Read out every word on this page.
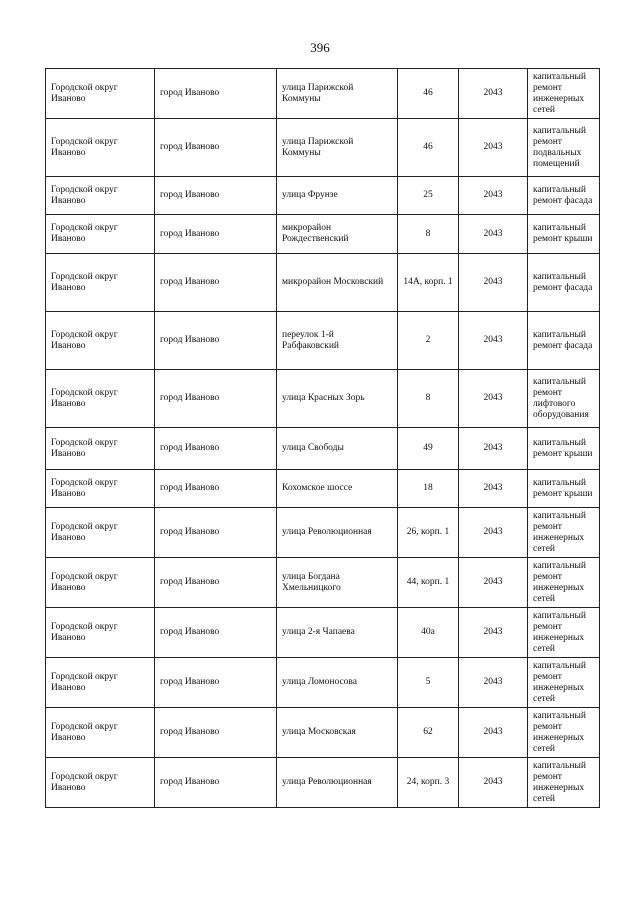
396
Городской округ Иваново	город Иваново	улица Парижской Коммуны	46	2043	капитальный ремонт инженерных сетей
Городской округ Иваново	город Иваново	улица Парижской Коммуны	46	2043	капитальный ремонт подвальных помещений
Городской округ Иваново	город Иваново	улица Фрунзе	25	2043	капитальный ремонт фасада
Городской округ Иваново	город Иваново	микрорайон Рождественский	8	2043	капитальный ремонт крыши
Городской округ Иваново	город Иваново	микрорайон Московский	14А, корп. 1	2043	капитальный ремонт фасада
Городской округ Иваново	город Иваново	переулок 1-й Рабфаковский	2	2043	капитальный ремонт фасада
Городской округ Иваново	город Иваново	улица Красных Зорь	8	2043	капитальный ремонт лифтового оборудования
Городской округ Иваново	город Иваново	улица Свободы	49	2043	капитальный ремонт крыши
Городской округ Иваново	город Иваново	Кохомское шоссе	18	2043	капитальный ремонт крыши
Городской округ Иваново	город Иваново	улица Революционная	26, корп. 1	2043	капитальный ремонт инженерных сетей
Городской округ Иваново	город Иваново	улица Богдана Хмельницкого	44, корп. 1	2043	капитальный ремонт инженерных сетей
Городской округ Иваново	город Иваново	улица 2-я Чапаева	40а	2043	капитальный ремонт инженерных сетей
Городской округ Иваново	город Иваново	улица Ломоносова	5	2043	капитальный ремонт инженерных сетей
Городской округ Иваново	город Иваново	улица Московская	62	2043	капитальный ремонт инженерных сетей
Городской округ Иваново	город Иваново	улица Революционная	24, корп. 3	2043	капитальный ремонт инженерных сетей
